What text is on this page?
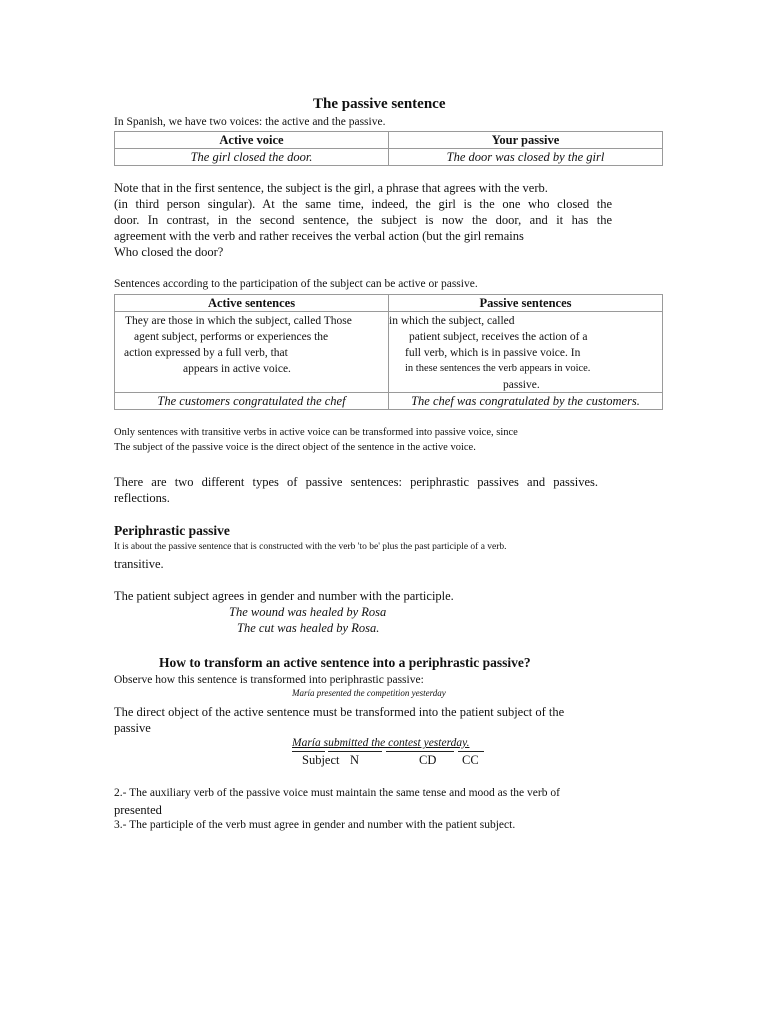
The passive sentence
In Spanish, we have two voices: the active and the passive.
Active voice	Your passive
The girl closed the door.	The door was closed by the girl
Note that in the first sentence, the subject is the girl, a phrase that agrees with the verb.
(in third person singular). At the same time, indeed, the girl is the one who closed the
door. In contrast, in the second sentence, the subject is now the door, and it has the
agreement with the verb and rather receives the verbal action (but the girl remains
Who closed the door?
Sentences according to the participation of the subject can be active or passive.
Active sentences	Passive sentences

They are those in which the subject, called Those
agent subject, performs or experiences the
action expressed by a full verb, that
appears in active voice.	in which the subject, called
patient subject, receives the action of a
full verb, which is in passive voice. In
in these sentences the verb appears in voice.
passive.

The customers congratulated the chef	The chef was congratulated by the customers.
Only sentences with transitive verbs in active voice can be transformed into passive voice, since
The subject of the passive voice is the direct object of the sentence in the active voice.
There are two different types of passive sentences: periphrastic passives and passives.
reflections.
Periphrastic passive
It is about the passive sentence that is constructed with the verb 'to be' plus the past participle of a verb.
transitive.
The patient subject agrees in gender and number with the participle.
The wound was healed by Rosa
The cut was healed by Rosa.
How to transform an active sentence into a periphrastic passive?
Observe how this sentence is transformed into periphrastic passive:
María presented the competition yesterday
The direct object of the active sentence must be transformed into the patient subject of the
passive
María submitted the contest yesterday.
Subject N	CD CC
2.- The auxiliary verb of the passive voice must maintain the same tense and mood as the verb of
presented
3.- The participle of the verb must agree in gender and number with the patient subject.
